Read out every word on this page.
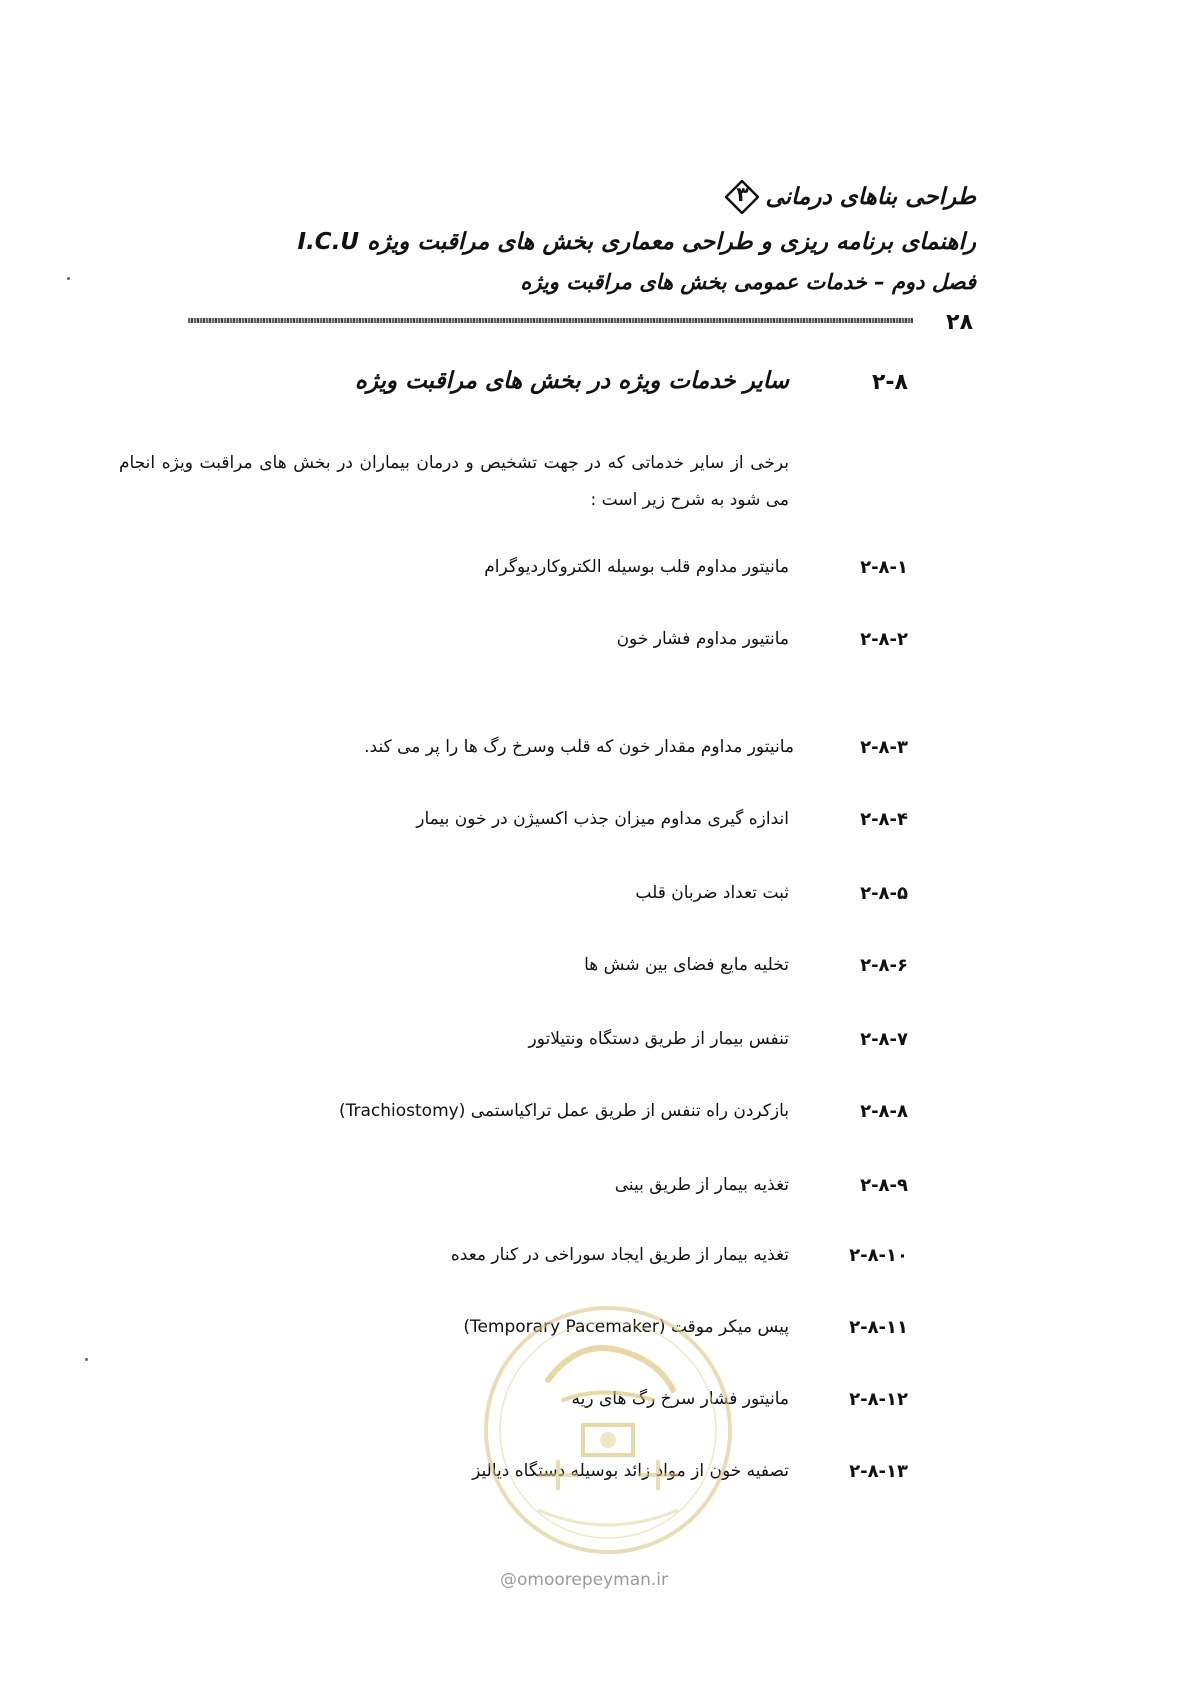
طراحی بناهای درمانی
۳
راهنمای برنامه ریزی و طراحی معماری بخش های مراقبت ویژه I.C.U
فصل دوم – خدمات عمومی بخش های مراقبت ویژه
۲۸
۲-۸
سایر خدمات ویژه در بخش های مراقبت ویژه
برخی از سایر خدماتی که در جهت تشخیص و درمان بیماران در بخش های مراقبت ویژه انجام می شود به شرح زیر است :
۲-۸-۱
مانیتور مداوم قلب بوسیله الکتروکاردیوگرام
۲-۸-۲
مانتیور مداوم فشار خون
۲-۸-۳
مانیتور مداوم مقدار خون که قلب وسرخ رگ ها را پر می کند.
۲-۸-۴
اندازه گیری مداوم میزان جذب اکسیژن در خون بیمار
۲-۸-۵
ثبت تعداد ضربان قلب
۲-۸-۶
تخلیه مایع فضای بین شش ها
۲-۸-۷
تنفس بیمار از طریق دستگاه ونتیلاتور
۲-۸-۸
بازکردن راه تنفس از طریق عمل تراکیاستمی (Trachiostomy)
۲-۸-۹
تغذیه بیمار از طریق بینی
۲-۸-۱۰
تغذیه بیمار از طریق ایجاد سوراخی در کنار معده
۲-۸-۱۱
پیس میکر موقت (Temporary Pacemaker)
۲-۸-۱۲
مانیتور فشار سرخ رگ های ریه
۲-۸-۱۳
تصفیه خون از مواد زائد بوسیله دستگاه دیالیز
@omoorepeyman.ir
